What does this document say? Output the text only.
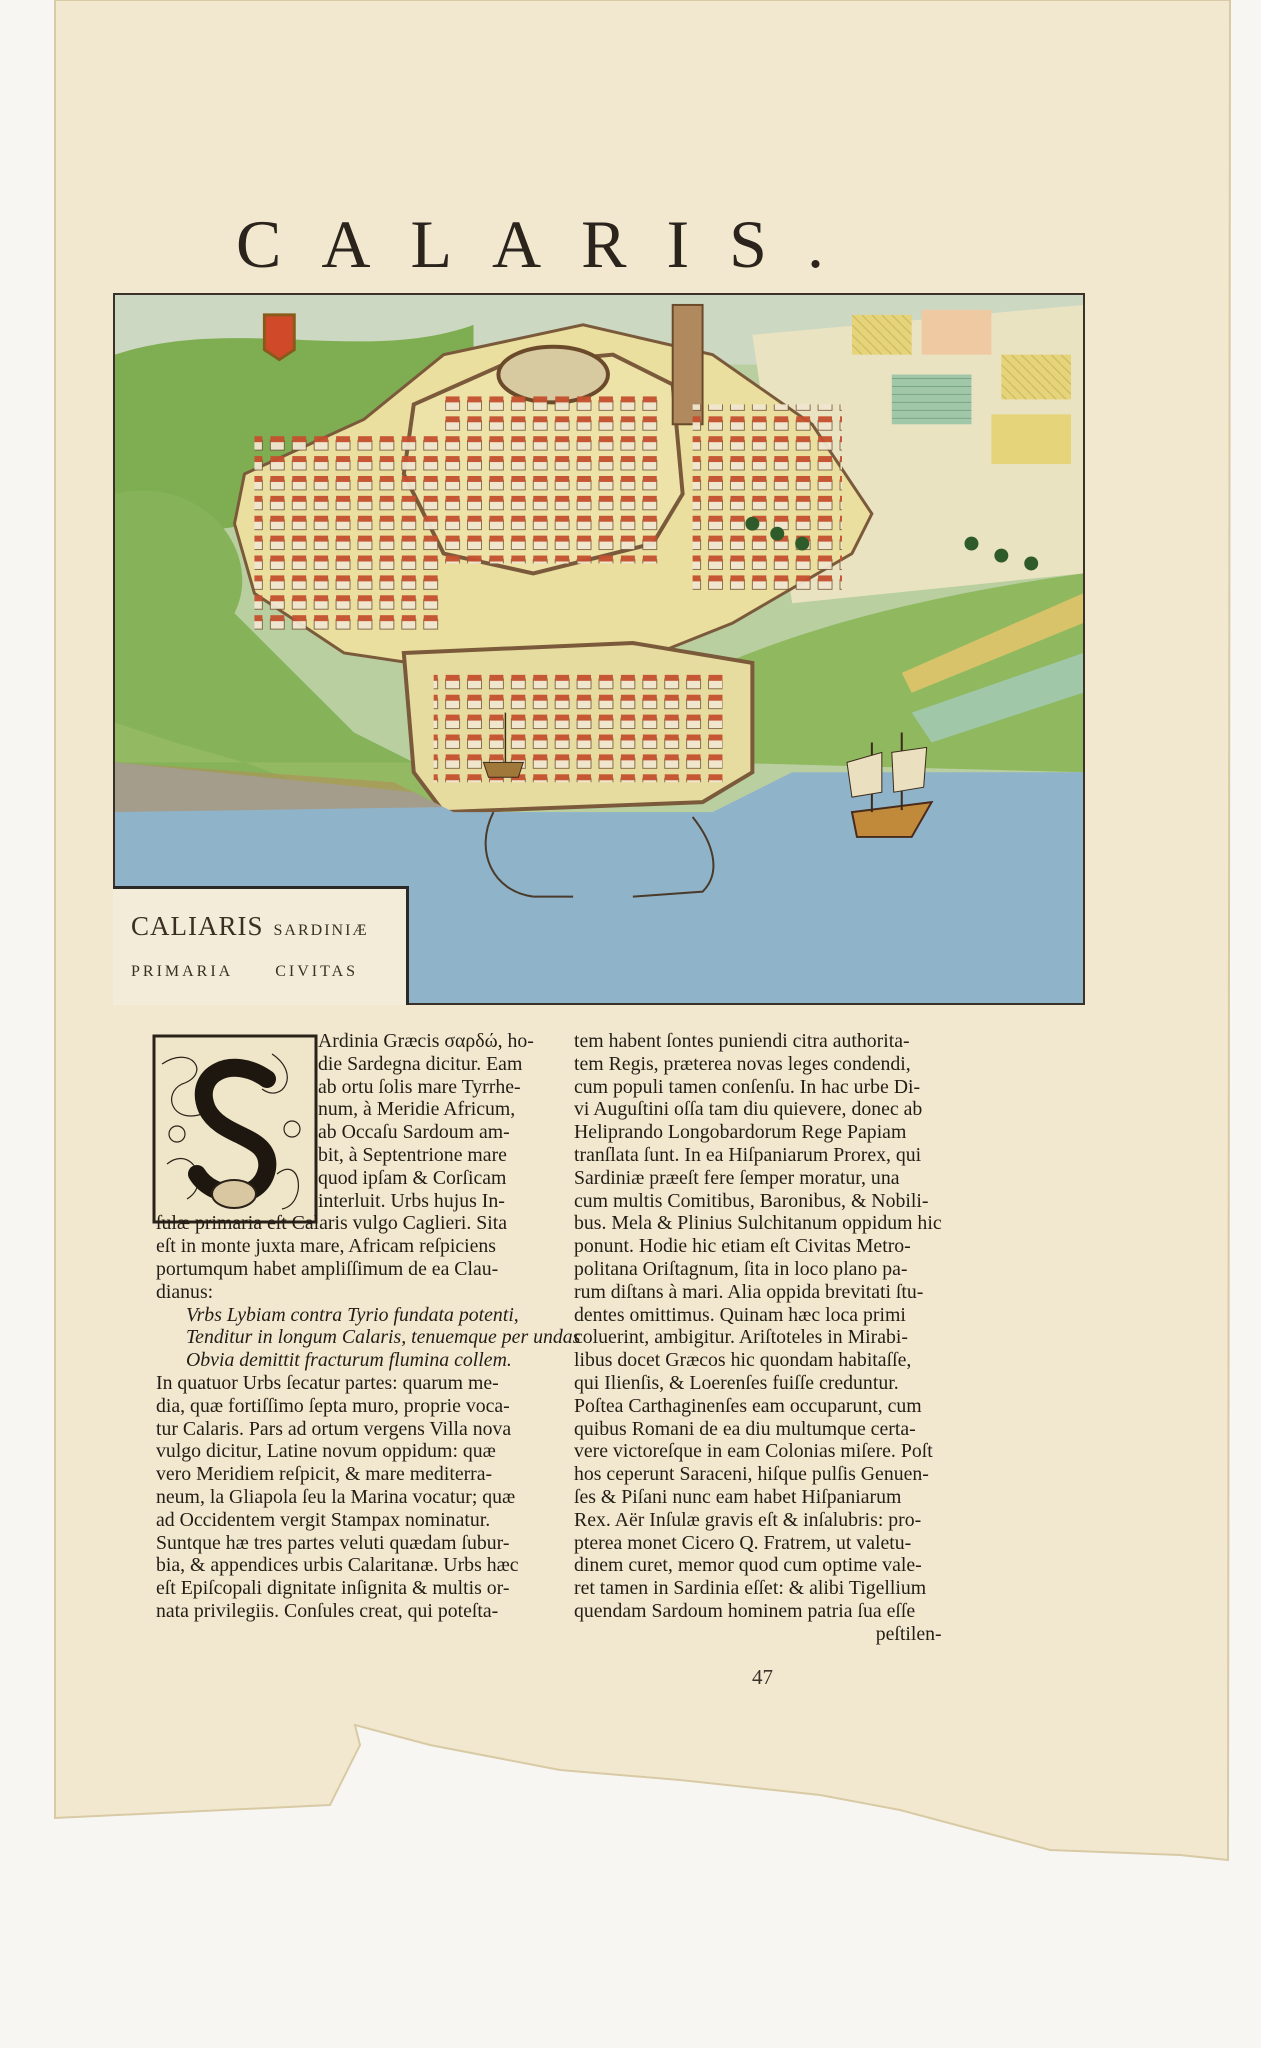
CALARIS.
CALIARIS SARDINIÆ
PRIMARIA	CIVITAS
Ardinia Græcis σαρδώ, ho-
die Sardegna dicitur. Eam
ab ortu ſolis mare Tyrrhe-
num, à Meridie Africum,
ab Occaſu Sardoum am-
bit, à Septentrione mare
quod ipſam & Corſicam
interluit. Urbs hujus In-
ſulæ primaria eſt Calaris vulgo Caglieri. Sita
eſt in monte juxta mare, Africam reſpiciens
portumqum habet ampliſſimum de ea Clau-
dianus:
Vrbs Lybiam contra Tyrio fundata potenti,
Tenditur in longum Calaris, tenuemque per undas
Obvia demittit fracturum flumina collem.
In quatuor Urbs ſecatur partes: quarum me-
dia, quæ fortiſſimo ſepta muro, proprie voca-
tur Calaris. Pars ad ortum vergens Villa nova
vulgo dicitur, Latine novum oppidum: quæ
vero Meridiem reſpicit, & mare mediterra-
neum, la Gliapola ſeu la Marina vocatur; quæ
ad Occidentem vergit Stampax nominatur.
Suntque hæ tres partes veluti quædam ſubur-
bia, & appendices urbis Calaritanæ. Urbs hæc
eſt Epiſcopali dignitate inſignita & multis or-
nata privilegiis. Conſules creat, qui poteſta-
tem habent ſontes puniendi citra authorita-
tem Regis, præterea novas leges condendi,
cum populi tamen conſenſu. In hac urbe Di-
vi Auguſtini oſſa tam diu quievere, donec ab
Heliprando Longobardorum Rege Papiam
tranſlata ſunt. In ea Hiſpaniarum Prorex, qui
Sardiniæ præeſt fere ſemper moratur, una
cum multis Comitibus, Baronibus, & Nobili-
bus. Mela & Plinius Sulchitanum oppidum hic
ponunt. Hodie hic etiam eſt Civitas Metro-
politana Oriſtagnum, ſita in loco plano pa-
rum diſtans à mari. Alia oppida brevitati ſtu-
dentes omittimus. Quinam hæc loca primi
coluerint, ambigitur. Ariſtoteles in Mirabi-
libus docet Græcos hic quondam habitaſſe,
qui Ilienſis, & Loerenſes fuiſſe creduntur.
Poſtea Carthaginenſes eam occuparunt, cum
quibus Romani de ea diu multumque certa-
vere victoreſque in eam Colonias miſere. Poſt
hos ceperunt Saraceni, hiſque pulſis Genuen-
ſes & Piſani nunc eam habet Hiſpaniarum
Rex. Aër Inſulæ gravis eſt & inſalubris: pro-
pterea monet Cicero Q. Fratrem, ut valetu-
dinem curet, memor quod cum optime vale-
ret tamen in Sardinia eſſet: & alibi Tigellium
quendam Sardoum hominem patria ſua eſſe
peſtilen-
47
